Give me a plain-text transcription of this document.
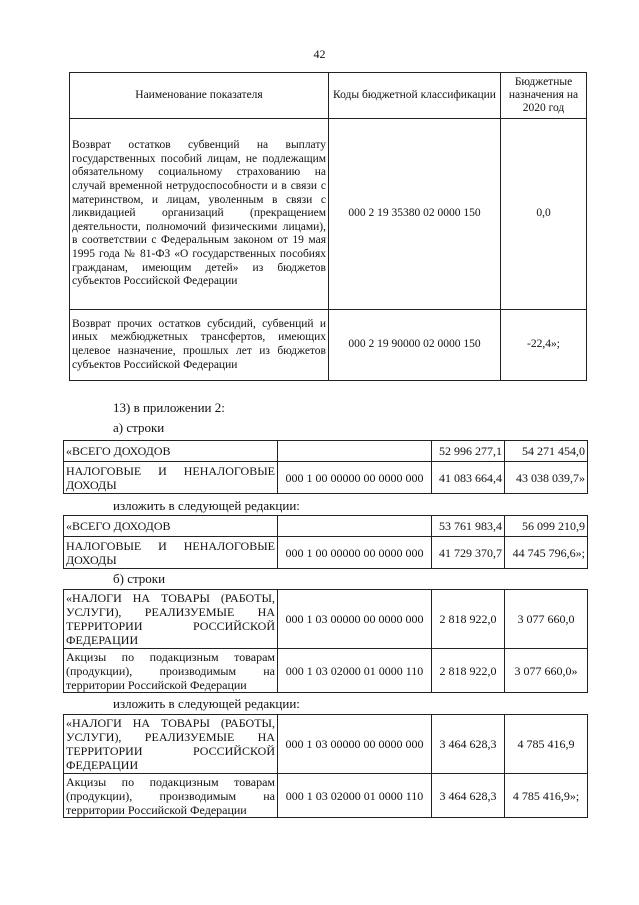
42
Наименование показателя	Коды бюджетной классификации	Бюджетные назначения на 2020 год
Возврат остатков субвенций на выплату государственных пособий лицам, не подлежащим обязательному социальному страхованию на случай временной нетрудоспособности и в связи с материнством, и лицам, уволенным в связи с ликвидацией организаций (прекращением деятельности, полномочий физическими лицами), в соответствии с Федеральным законом от 19 мая 1995 года № 81-ФЗ «О государственных пособиях гражданам, имеющим детей» из бюджетов субъектов Российской Федерации	000 2 19 35380 02 0000 150	0,0
Возврат прочих остатков субсидий, субвенций и иных межбюджетных трансфертов, имеющих целевое назначение, прошлых лет из бюджетов субъектов Российской Федерации	000 2 19 90000 02 0000 150	-22,4»;
13) в приложении 2:
а) строки
«ВСЕГО ДОХОДОВ		52 996 277,1	54 271 454,0
НАЛОГОВЫЕ И НЕНАЛОГОВЫЕ ДОХОДЫ	000 1 00 00000 00 0000 000	41 083 664,4	43 038 039,7»
изложить в следующей редакции:
«ВСЕГО ДОХОДОВ		53 761 983,4	56 099 210,9
НАЛОГОВЫЕ И НЕНАЛОГОВЫЕ ДОХОДЫ	000 1 00 00000 00 0000 000	41 729 370,7	44 745 796,6»;
б) строки
«НАЛОГИ НА ТОВАРЫ (РАБОТЫ, УСЛУГИ), РЕАЛИЗУЕМЫЕ НА ТЕРРИТОРИИ РОССИЙСКОЙ ФЕДЕРАЦИИ	000 1 03 00000 00 0000 000	2 818 922,0	3 077 660,0
Акцизы по подакцизным товарам (продукции), производимым на территории Российской Федерации	000 1 03 02000 01 0000 110	2 818 922,0	3 077 660,0»
изложить в следующей редакции:
«НАЛОГИ НА ТОВАРЫ (РАБОТЫ, УСЛУГИ), РЕАЛИЗУЕМЫЕ НА ТЕРРИТОРИИ РОССИЙСКОЙ ФЕДЕРАЦИИ	000 1 03 00000 00 0000 000	3 464 628,3	4 785 416,9
Акцизы по подакцизным товарам (продукции), производимым на территории Российской Федерации	000 1 03 02000 01 0000 110	3 464 628,3	4 785 416,9»;
